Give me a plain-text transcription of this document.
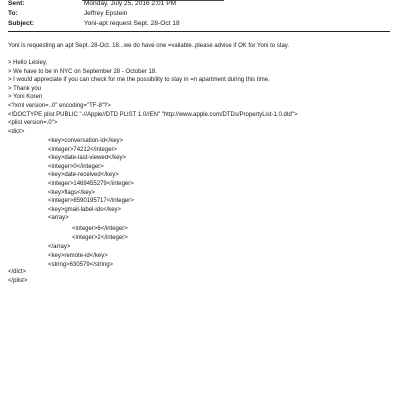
Sent:	Monday, July 25, 2016 2:01 PM
To:	Jeffrey Epstein
Subject:	Yoni-apt request Sept. 28-Oct 18
Yoni is requesting an apt Sept. 28-Oct. 18...we do have one =vailable..please advise if OK for Yoni to stay.
> Hello Lesley,
> We have to be in NYC on September 28 - October 18.
> I would appreciate if you can check for me the possibility to stay in =n apartment during this time.
> Thank you
> Yoni Koren
<?xml version=..0" encoding="TF-8"?>
<!DOCTYPE plist PUBLIC "-//Apple//DTD PLIST 1.0//EN" "http://www.apple.com/DTDs/PropertyList-1.0.dtd">
<plist version=.0">
<dict>
<key>conversation-id</key>
<integer>74212</integer>
<key>date-last-viewed</key>
<integer>0</integer>
<key>date-received</key>
<integer>1469455279</integer>
<key>flags</key>
<integer>8590195717</integer>
<key>gmail-label-ids</key>
<array>
<integer>6</integer>
<integer>2</integer>
</array>
<key>remote-id</key>
<string>630579</string>
</dict>
</plist>
